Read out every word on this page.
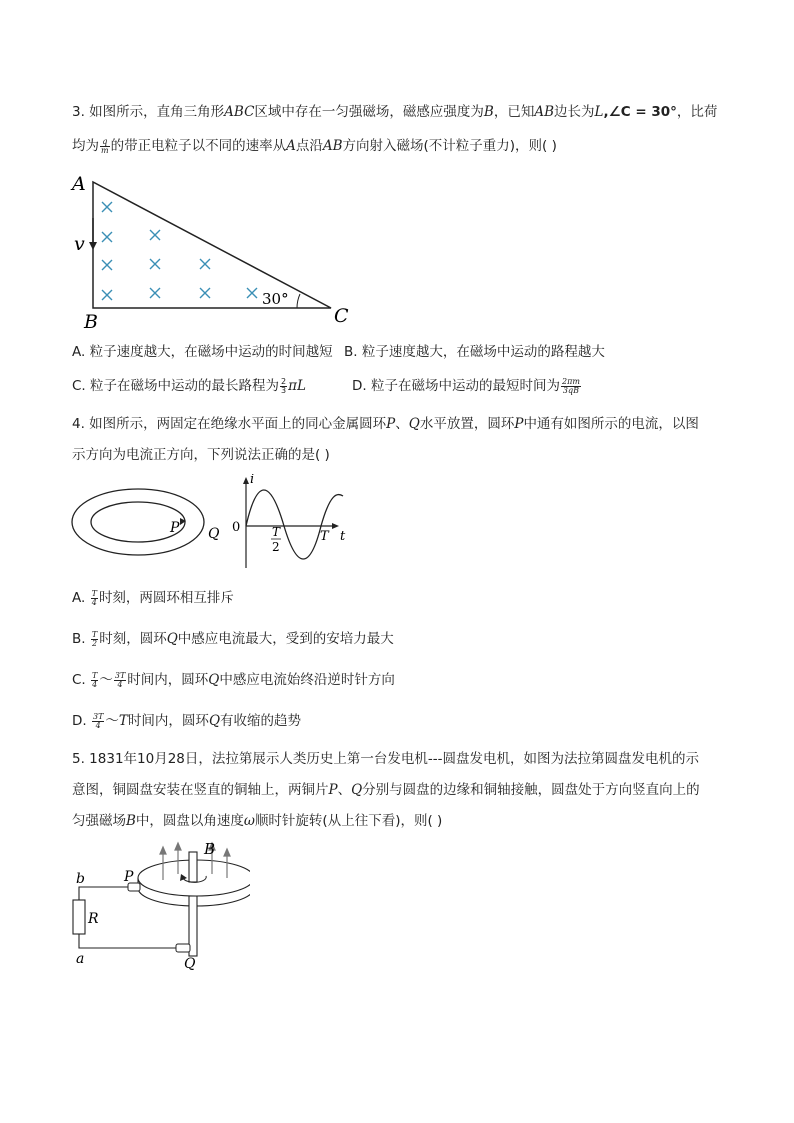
3. 如图所示，直角三角形ABC区域中存在一匀强磁场，磁感应强度为B，已知AB边长为L,∠C = 30°，比荷
均为 $\frac{q}{m}$ 的带正电粒子以不同的速率从A点沿AB方向射入磁场(不计粒子重力)，则( )
A
B	C
v
30°
A. 粒子速度越大，在磁场中运动的时间越短 B. 粒子速度越大，在磁场中运动的路程越大
C. 粒子在磁场中运动的最长路程为 $\frac{2}{3}$ πL	D. 粒子在磁场中运动的最短时间为 $\frac{2\pi m}{3qB}$
4. 如图所示，两固定在绝缘水平面上的同心金属圆环P、Q水平放置，圆环P中通有如图所示的电流，以图
示方向为电流正方向，下列说法正确的是( )
P Q
i
0
t
T
T
2
A. $\frac{T}{4}$ 时刻，两圆环相互排斥
B. $\frac{T}{2}$ 时刻，圆环Q中感应电流最大，受到的安培力最大
C. $\frac{T}{4}$ ～ $\frac{3T}{4}$ 时间内，圆环Q中感应电流始终沿逆时针方向
D. $\frac{3T}{4}$ ～T时间内，圆环Q有收缩的趋势
5. 1831年10月28日，法拉第展示人类历史上第一台发电机---圆盘发电机，如图为法拉第圆盘发电机的示
意图，铜圆盘安装在竖直的铜轴上，两铜片P、Q分别与圆盘的边缘和铜轴接触，圆盘处于方向竖直向上的
匀强磁场B中，圆盘以角速度ω顺时针旋转(从上往下看)，则( )
B
b	P
R
a	Q
